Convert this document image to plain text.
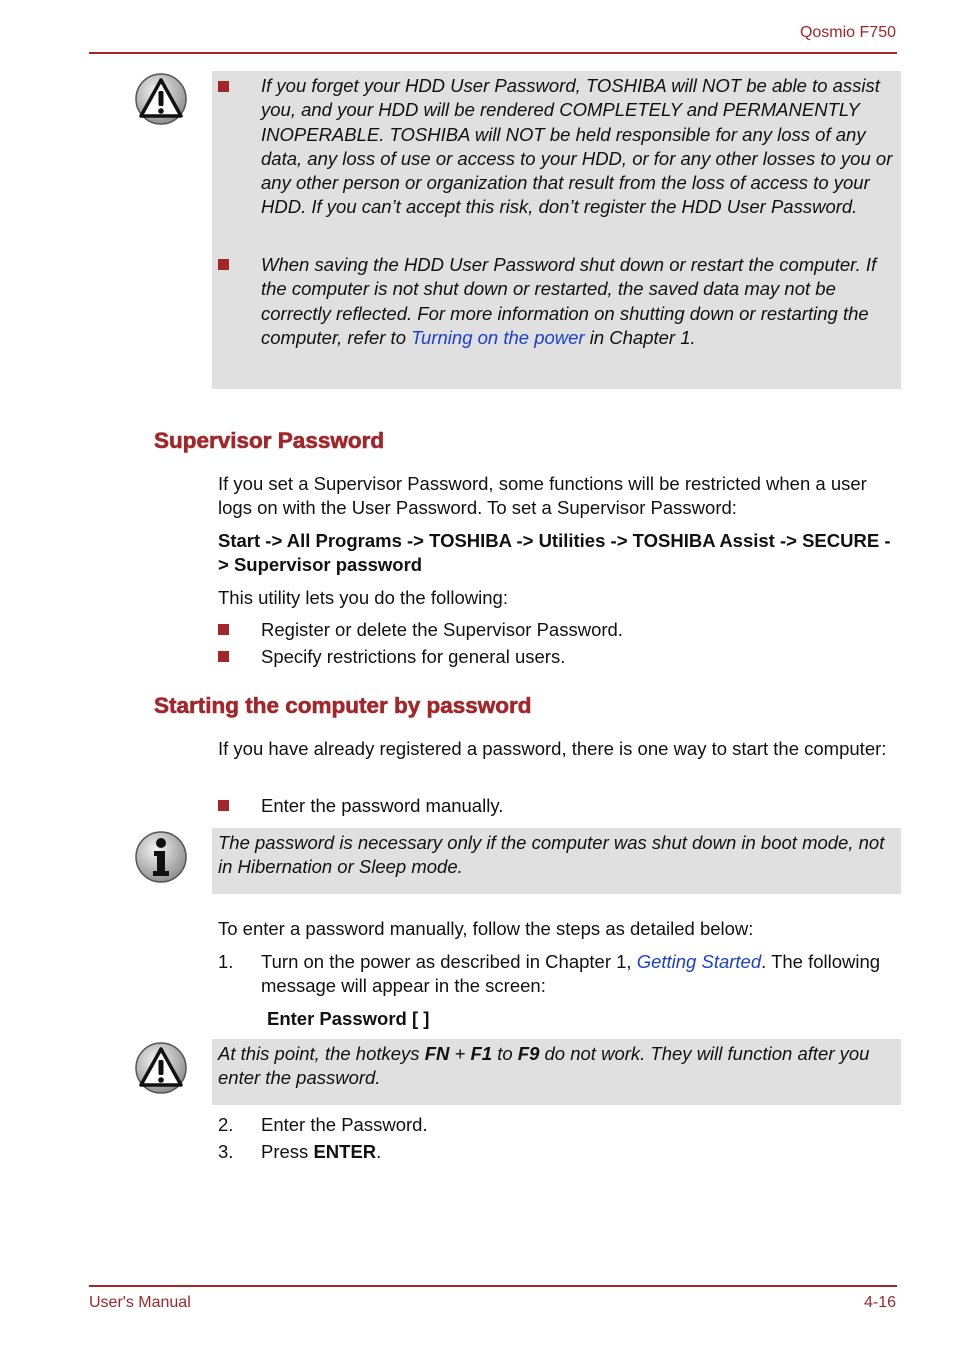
Qosmio F750
If you forget your HDD User Password, TOSHIBA will NOT be able to assist you, and your HDD will be rendered COMPLETELY and PERMANENTLY INOPERABLE. TOSHIBA will NOT be held responsible for any loss of any data, any loss of use or access to your HDD, or for any other losses to you or any other person or organization that result from the loss of access to your HDD. If you can’t accept this risk, don’t register the HDD User Password.
When saving the HDD User Password shut down or restart the computer. If the computer is not shut down or restarted, the saved data may not be correctly reflected. For more information on shutting down or restarting the computer, refer to Turning on the power in Chapter 1.
Supervisor Password
If you set a Supervisor Password, some functions will be restricted when a user logs on with the User Password. To set a Supervisor Password:
Start -> All Programs -> TOSHIBA -> Utilities -> TOSHIBA Assist -> SECURE -> Supervisor password
This utility lets you do the following:
Register or delete the Supervisor Password.
Specify restrictions for general users.
Starting the computer by password
If you have already registered a password, there is one way to start the computer:
Enter the password manually.
The password is necessary only if the computer was shut down in boot mode, not in Hibernation or Sleep mode.
To enter a password manually, follow the steps as detailed below:
1. Turn on the power as described in Chapter 1, Getting Started. The following message will appear in the screen:
Enter Password [ ]
At this point, the hotkeys FN + F1 to F9 do not work. They will function after you enter the password.
2. Enter the Password.
3. Press ENTER.
User's Manual	4-16
